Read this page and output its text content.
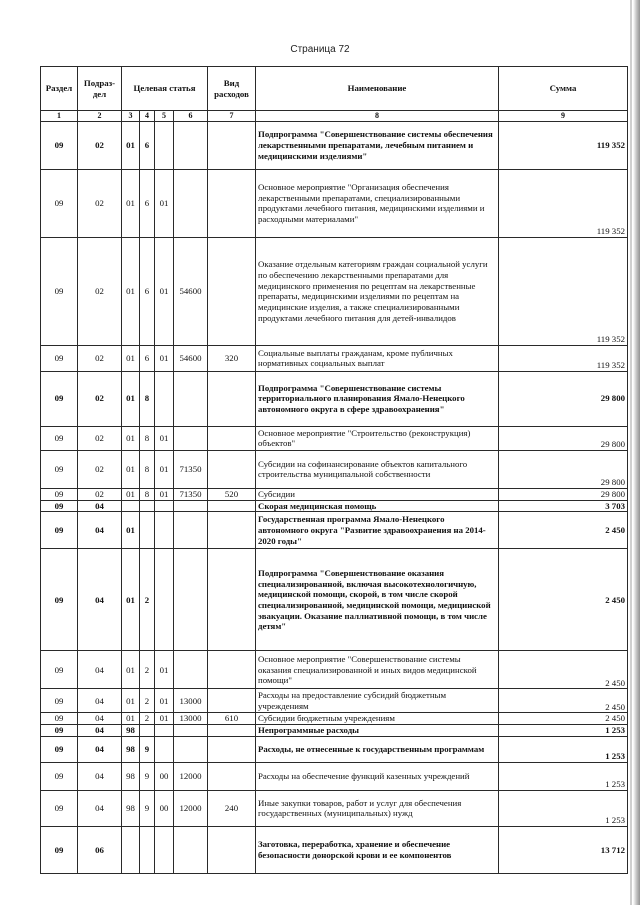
Страница 72
Раздел	Подраз-дел	Целевая статья				Вид расходов	Наименование	Сумма
1	2	3	4	5	6	7	8	9
09	02	01	6				Подпрограмма "Совершенствование системы обеспечения лекарственными препаратами, лечебным питанием и медицинскими изделиями"	119 352
09	02	01	6	01			Основное мероприятие "Организация обеспечения лекарственными препаратами, специализированными продуктами лечебного питания, медицинскими изделиями и расходными материалами"	119 352
09	02	01	6	01	54600		Оказание отдельным категориям граждан социальной услуги по обеспечению лекарственными препаратами для медицинского применения по рецептам на лекарственные препараты, медицинскими изделиями по рецептам на медицинские изделия, а также специализированными продуктами лечебного питания для детей-инвалидов	119 352
09	02	01	6	01	54600	320	Социальные выплаты гражданам, кроме публичных нормативных социальных выплат	119 352
09	02	01	8				Подпрограмма "Совершенствование системы территориального планирования Ямало-Ненецкого автономного округа в сфере здравоохранения"	29 800
09	02	01	8	01			Основное мероприятие "Строительство (реконструкция) объектов"	29 800
09	02	01	8	01	71350		Субсидии на софинансирование объектов капитального строительства муниципальной собственности	29 800
09	02	01	8	01	71350	520	Субсидии	29 800
09	04						Скорая медицинская помощь	3 703
09	04	01					Государственная программа Ямало-Ненецкого автономного округа "Развитие здравоохранения на 2014-2020 годы"	2 450
09	04	01	2				Подпрограмма "Совершенствование оказания специализированной, включая высокотехнологичную, медицинской помощи, скорой, в том числе скорой специализированной, медицинской помощи, медицинской эвакуации. Оказание паллиативной помощи, в том числе детям"	2 450
09	04	01	2	01			Основное мероприятие "Совершенствование системы оказания специализированной и иных видов медицинской помощи"	2 450
09	04	01	2	01	13000		Расходы на предоставление субсидий бюджетным учреждениям	2 450
09	04	01	2	01	13000	610	Субсидии бюджетным учреждениям	2 450
09	04	98					Непрограммные расходы	1 253
09	04	98	9				Расходы, не отнесенные к государственным программам	1 253
09	04	98	9	00	12000		Расходы на обеспечение функций казенных учреждений	1 253
09	04	98	9	00	12000	240	Иные закупки товаров, работ и услуг для обеспечения государственных (муниципальных) нужд	1 253
09	06						Заготовка, переработка, хранение и обеспечение безопасности донорской крови и ее компонентов	13 712
